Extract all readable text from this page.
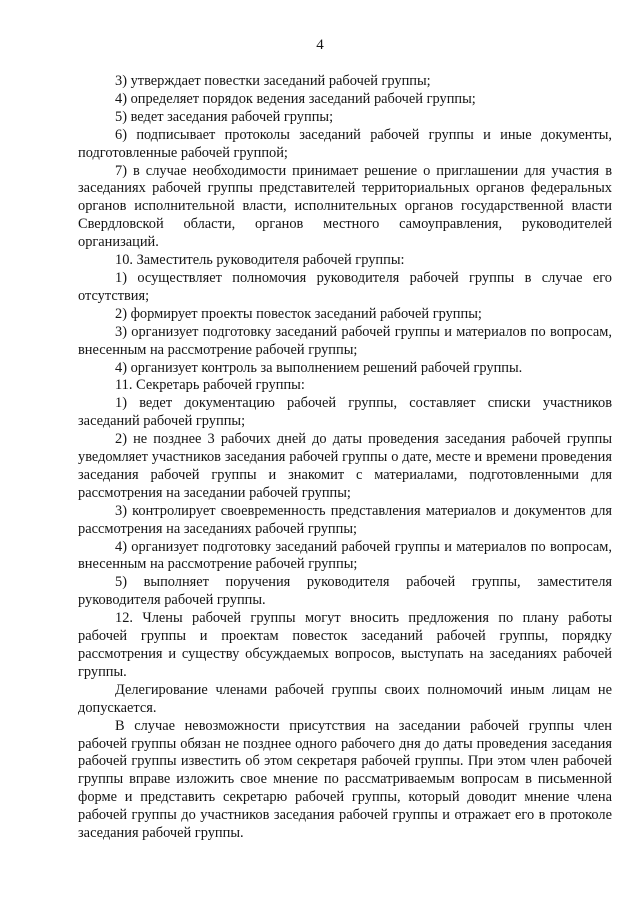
4

3) утверждает повестки заседаний рабочей группы;

4) определяет порядок ведения заседаний рабочей группы;

5) ведет заседания рабочей группы;

6) подписывает протоколы заседаний рабочей группы и иные документы, подготовленные рабочей группой;

7) в случае необходимости принимает решение о приглашении для участия в заседаниях рабочей группы представителей территориальных органов федеральных органов исполнительной власти, исполнительных органов государственной власти Свердловской области, органов местного самоуправления, руководителей организаций.

10. Заместитель руководителя рабочей группы:

1) осуществляет полномочия руководителя рабочей группы в случае его отсутствия;

2) формирует проекты повесток заседаний рабочей группы;

3) организует подготовку заседаний рабочей группы и материалов по вопросам, внесенным на рассмотрение рабочей группы;

4) организует контроль за выполнением решений рабочей группы.

11. Секретарь рабочей группы:

1) ведет документацию рабочей группы, составляет списки участников заседаний рабочей группы;

2) не позднее 3 рабочих дней до даты проведения заседания рабочей группы уведомляет участников заседания рабочей группы о дате, месте и времени проведения заседания рабочей группы и знакомит с материалами, подготовленными для рассмотрения на заседании рабочей группы;

3) контролирует своевременность представления материалов и документов для рассмотрения на заседаниях рабочей группы;

4) организует подготовку заседаний рабочей группы и материалов по вопросам, внесенным на рассмотрение рабочей группы;

5) выполняет поручения руководителя рабочей группы, заместителя руководителя рабочей группы.

12. Члены рабочей группы могут вносить предложения по плану работы рабочей группы и проектам повесток заседаний рабочей группы, порядку рассмотрения и существу обсуждаемых вопросов, выступать на заседаниях рабочей группы.

Делегирование членами рабочей группы своих полномочий иным лицам не допускается.

В случае невозможности присутствия на заседании рабочей группы член рабочей группы обязан не позднее одного рабочего дня до даты проведения заседания рабочей группы известить об этом секретаря рабочей группы. При этом член рабочей группы вправе изложить свое мнение по рассматриваемым вопросам в письменной форме и представить секретарю рабочей группы, который доводит мнение члена рабочей группы до участников заседания рабочей группы и отражает его в протоколе заседания рабочей группы.
